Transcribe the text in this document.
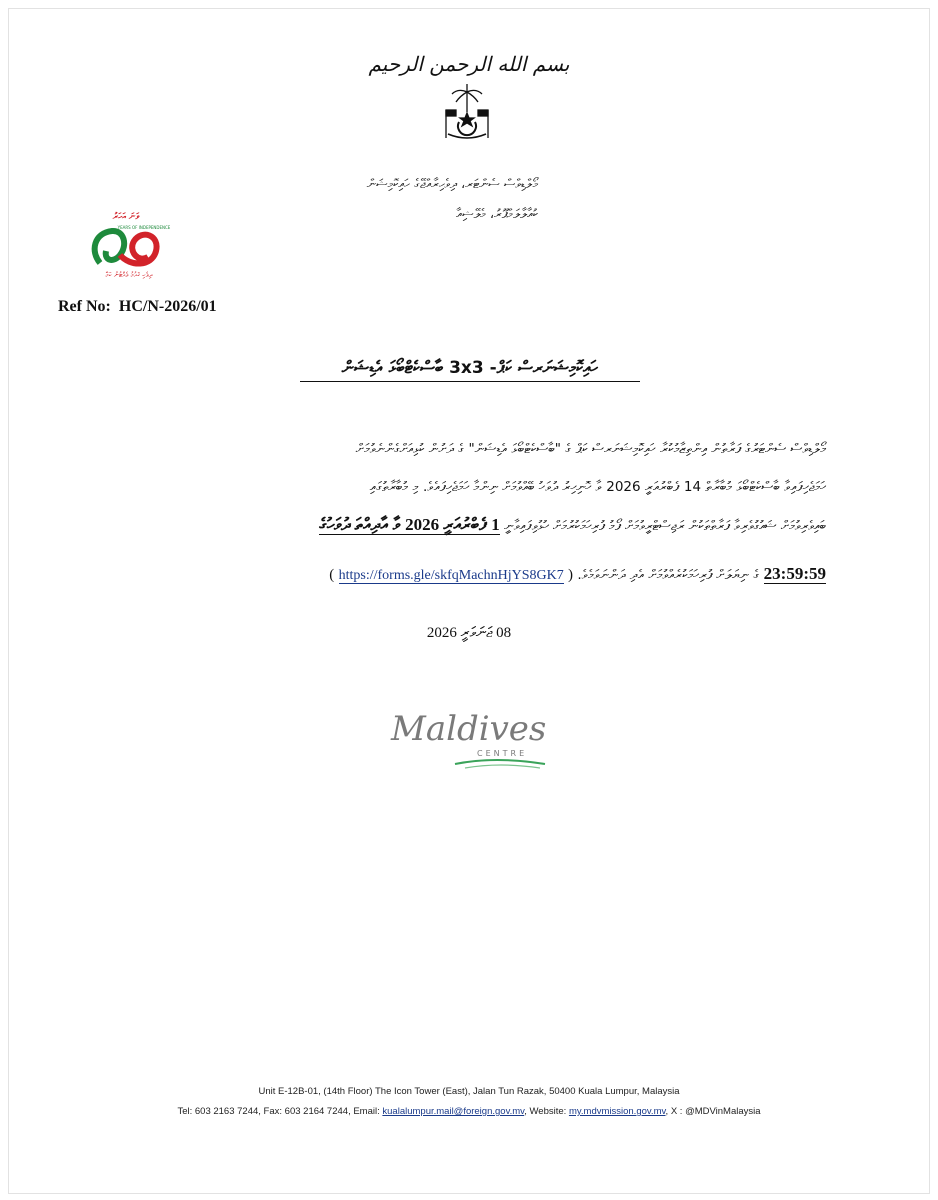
بسم الله الرحمن الرحيم
މޯލްޑިވްސް ސެންޓަރ، ދިވެހިރާއްޖޭގެ ހައިކޮމިޝަން
ކުއާލާލަމްޕޫރު، މެލޭޝިއާ
ވަނަ އަހަރު
YEARS OF INDEPENDENCE
ދިވެހި ޤައުމު ވެއްޓުނު ކަމާ
Ref No: HC/N-2026/01
ހައިކޮމިޝަނަރސް ކަޕް- 3x3 ބާސްކެޓްބޯޅަ އެޑިޝަން
މޯލްޑިވްސް ސެންޓަރުގެ ފަރާތުން އިންތިޒާމުކުރާ ހައިކޮމިޝަނަރސް ކަޕް ގެ "ބާސްކެޓްބޯޅަ އެޑިޝަން" ގެ ދަށުން ކުޅިއަށްގެންނެވުމަށް
ހަމަޖެހިފައިވާ ބާސްކެޓްބޯޅަ މުބާރާތް 14 ފެބްރުއަރީ 2026 ވާ ހޮނިހިރު ދުވަހު ބޭއްވުމަށް ނިންމާ ހަމަޖެހިފައެވެ. މި މުބާރާތުގައި
ބައިވެރިވުމަށް ޝައުގުވެރިވާ ފަރާތްތަކުން ރަޖިސްޓްރީވުމަށް ފޯމު ފުރިހަމަކުރުމަށް ހުޅުވިފައިވާނީ 1 ފެބްރުއަރީ 2026 ވާ އާދިއްތަ ދުވަހުގެ
23:59:59 ގެ ނިޔަލަށް ފުރިހަމަކުރެއްވުމަށް އެދި ދަންނަވަމެވެ. ( https://forms.gle/skfqMachnHjYS8GK7 )
08 ޖަނަވަރީ 2026
Maldives
CENTRE
Unit E-12B-01, (14th Floor) The Icon Tower (East), Jalan Tun Razak, 50400 Kuala Lumpur, Malaysia
Tel: 603 2163 7244, Fax: 603 2164 7244, Email: kualalumpur.mail@foreign.gov.mv, Website: my.mdvmission.gov.mv, X : @MDVinMalaysia
